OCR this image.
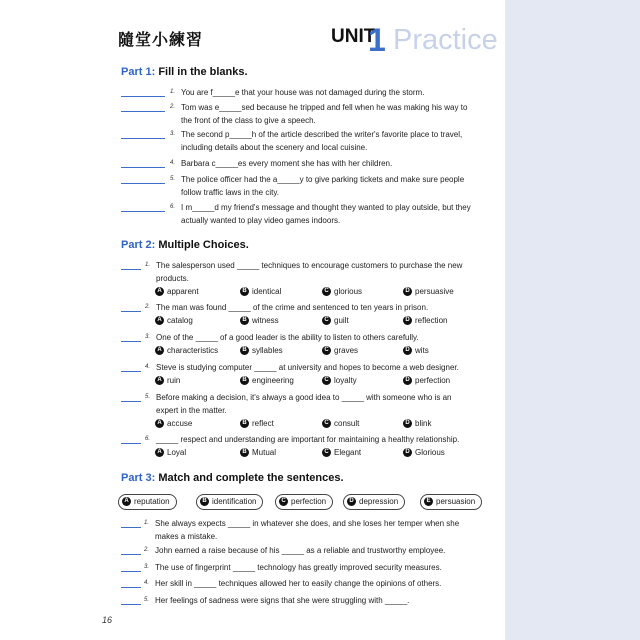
隨堂小練習	UNIT
1 Practice
Part 1: Fill in the blanks.
1. You are f_____e that your house was not damaged during the storm.
2. Tom was e_____sed because he tripped and fell when he was making his way to
the front of the class to give a speech.
3. The second p_____h of the article described the writer's favorite place to travel,
including details about the scenery and local cuisine.
4. Barbara c_____es every moment she has with her children.
5. The police officer had the a_____y to give parking tickets and make sure people
follow traffic laws in the city.
6. I m_____d my friend's message and thought they wanted to play outside, but they
actually wanted to play video games indoors.
Part 2: Multiple Choices.
1. The salesperson used _____ techniques to encourage customers to purchase the new
products.
A apparent	B identical	C glorious	D persuasive
2. The man was found _____ of the crime and sentenced to ten years in prison.
A catalog	B witness	C guilt	D reflection
3. One of the _____ of a good leader is the ability to listen to others carefully.
A characteristics	B syllables	C graves	D wits
4. Steve is studying computer _____ at university and hopes to become a web designer.
A ruin	B engineering	C loyalty	D perfection
5. Before making a decision, it's always a good idea to _____ with someone who is an
expert in the matter.
A accuse	B reflect	C consult	D blink
6. _____ respect and understanding are important for maintaining a healthy relationship.
A Loyal	B Mutual	C Elegant	D Glorious
Part 3: Match and complete the sentences.
A reputation	B identification	C perfection	D depression	E persuasion
1. She always expects _____ in whatever she does, and she loses her temper when she
makes a mistake.
2. John earned a raise because of his _____ as a reliable and trustworthy employee.
3. The use of fingerprint _____ technology has greatly improved security measures.
4. Her skill in _____ techniques allowed her to easily change the opinions of others.
5. Her feelings of sadness were signs that she were struggling with _____.
16
